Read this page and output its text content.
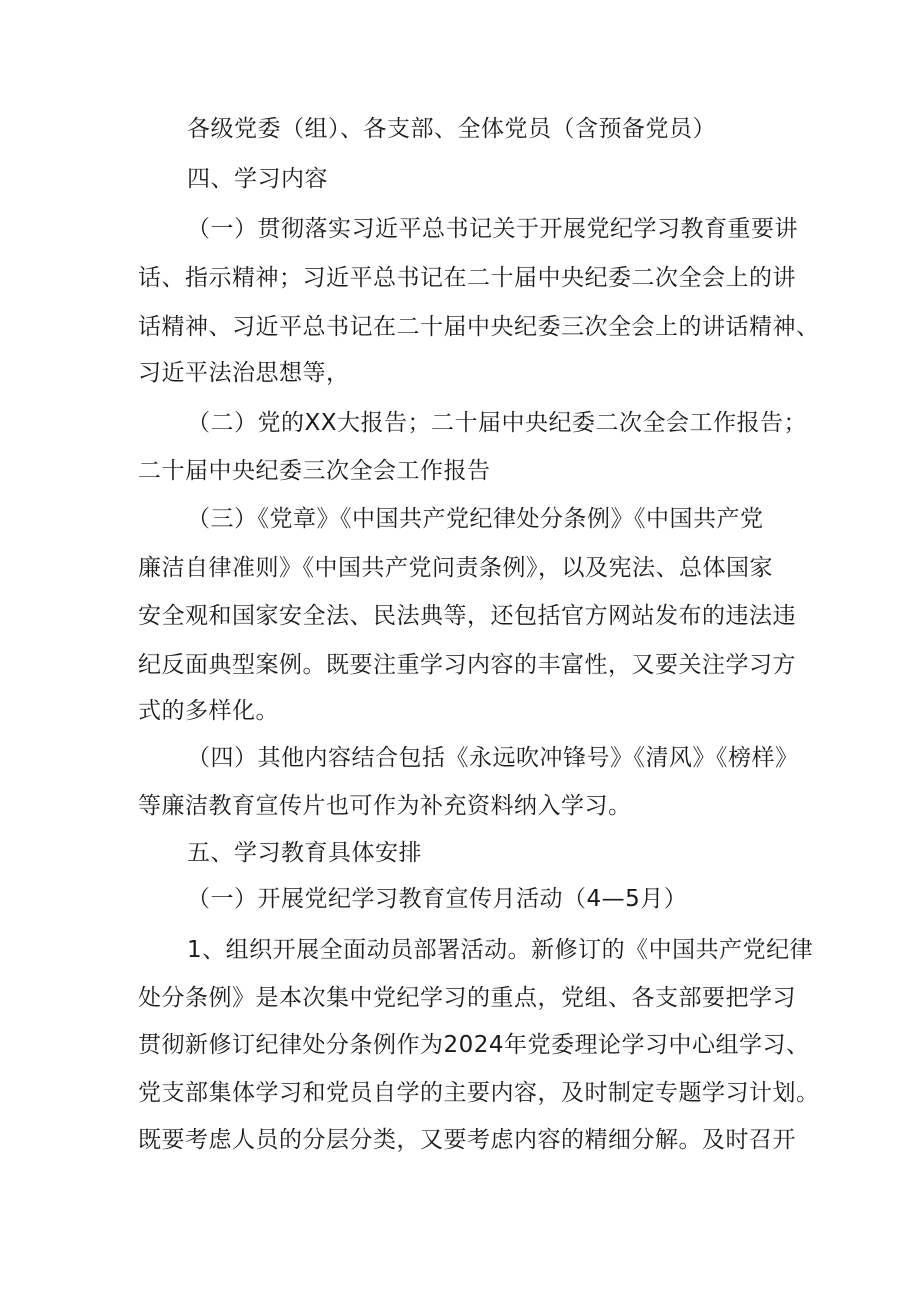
各级党委（组）、各支部、全体党员（含预备党员）
四、学习内容
（一）贯彻落实习近平总书记关于开展党纪学习教育重要讲
话、指示精神；习近平总书记在二十届中央纪委二次全会上的讲
话精神、习近平总书记在二十届中央纪委三次全会上的讲话精神、
习近平法治思想等，
（二）党的XX大报告；二十届中央纪委二次全会工作报告；
二十届中央纪委三次全会工作报告
（三）《党章》《中国共产党纪律处分条例》《中国共产党
廉洁自律准则》《中国共产党问责条例》，以及宪法、总体国家
安全观和国家安全法、民法典等，还包括官方网站发布的违法违
纪反面典型案例。既要注重学习内容的丰富性，又要关注学习方
式的多样化。
（四）其他内容结合包括《永远吹冲锋号》《清风》《榜样》
等廉洁教育宣传片也可作为补充资料纳入学习。
五、学习教育具体安排
（一）开展党纪学习教育宣传月活动（4—5月）
1、组织开展全面动员部署活动。新修订的《中国共产党纪律
处分条例》是本次集中党纪学习的重点，党组、各支部要把学习
贯彻新修订纪律处分条例作为2024年党委理论学习中心组学习、
党支部集体学习和党员自学的主要内容，及时制定专题学习计划。
既要考虑人员的分层分类，又要考虑内容的精细分解。及时召开
